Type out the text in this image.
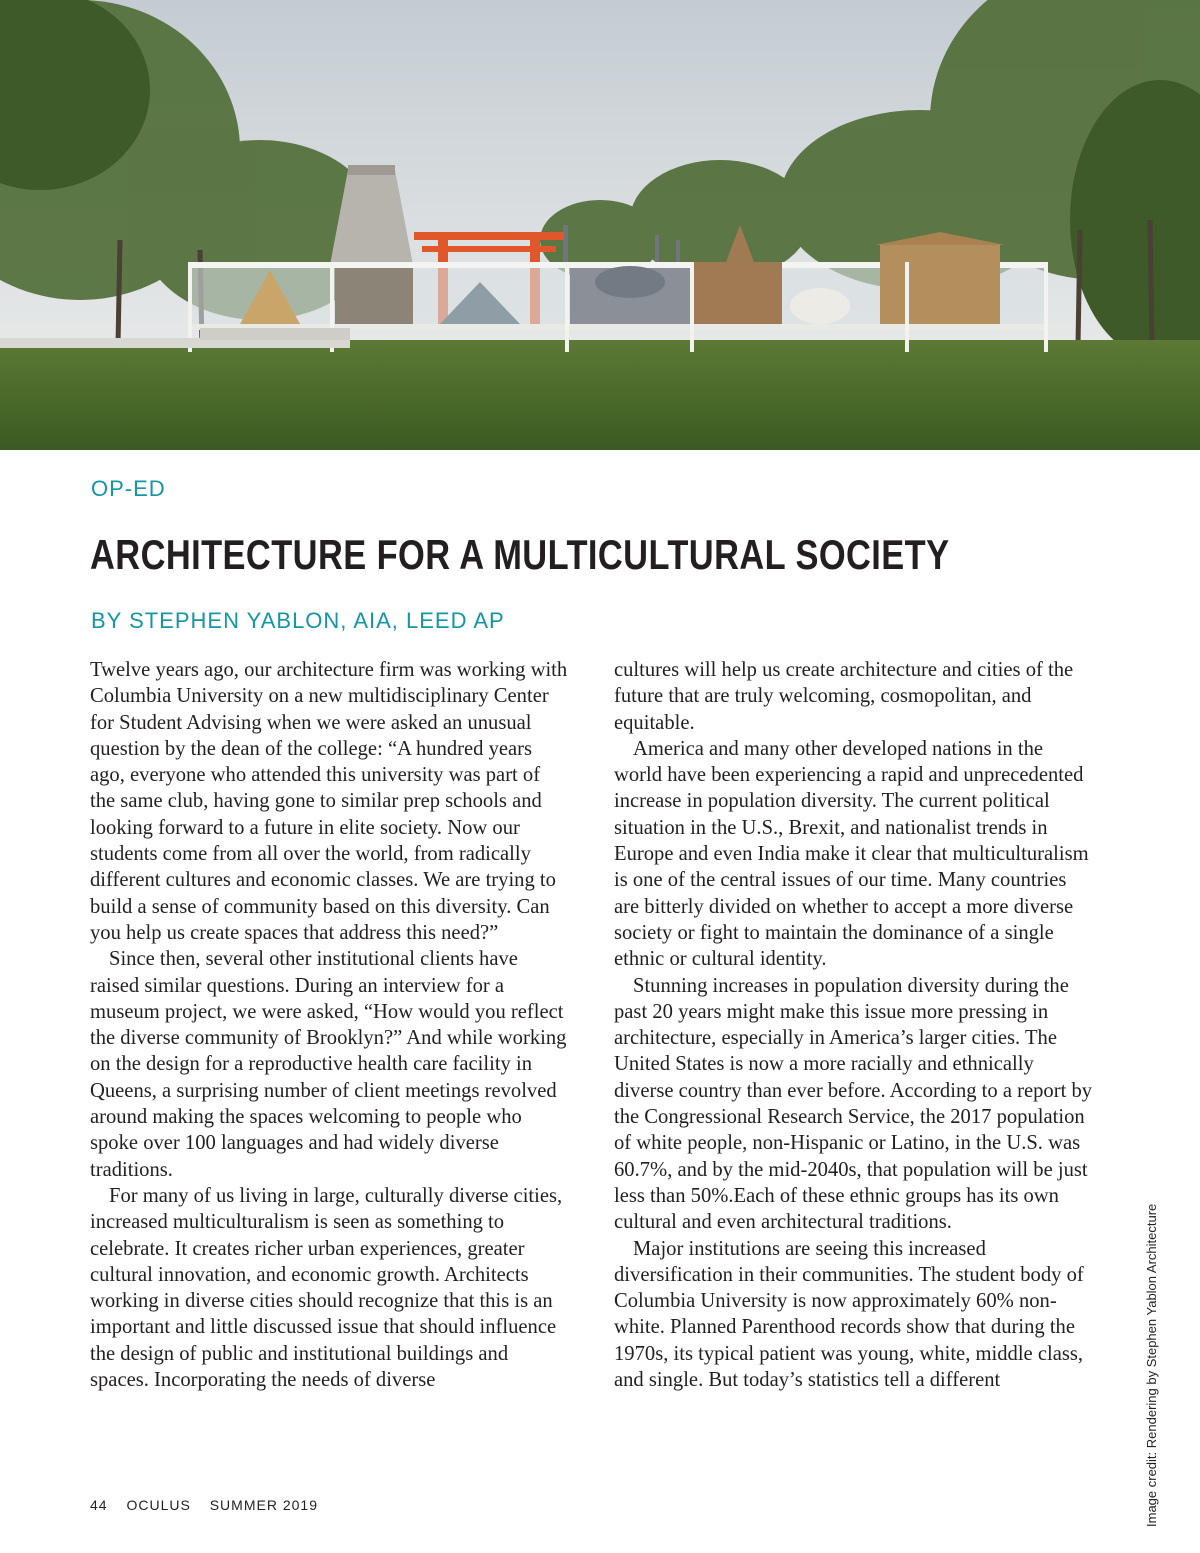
OP-ED
ARCHITECTURE FOR A MULTICULTURAL SOCIETY
BY STEPHEN YABLON, AIA, LEED AP

Twelve years ago, our architecture firm was working with Columbia University on a new multidisciplinary Center for Student Advising when we were asked an unusual question by the dean of the college: “A hundred years ago, everyone who attended this university was part of the same club, having gone to similar prep schools and looking forward to a future in elite society. Now our students come from all over the world, from radically different cultures and economic classes. We are trying to build a sense of community based on this diversity. Can you help us create spaces that address this need?”

Since then, several other institutional clients have raised similar questions. During an interview for a museum project, we were asked, “How would you reflect the diverse community of Brooklyn?” And while working on the design for a reproductive health care facility in Queens, a surprising number of client meetings revolved around making the spaces welcoming to people who spoke over 100 languages and had widely diverse traditions.

For many of us living in large, culturally diverse cities, increased multiculturalism is seen as something to celebrate. It creates richer urban experiences, greater cultural innovation, and economic growth. Architects working in diverse cities should recognize that this is an important and little discussed issue that should influence the design of public and institutional buildings and spaces. Incorporating the needs of diverse

cultures will help us create architecture and cities of the future that are truly welcoming, cosmopolitan, and equitable.

America and many other developed nations in the world have been experiencing a rapid and unprecedented increase in population diversity. The current political situation in the U.S., Brexit, and nationalist trends in Europe and even India make it clear that multiculturalism is one of the central issues of our time. Many countries are bitterly divided on whether to accept a more diverse society or fight to maintain the dominance of a single ethnic or cultural identity.

Stunning increases in population diversity during the past 20 years might make this issue more pressing in architecture, especially in America’s larger cities. The United States is now a more racially and ethnically diverse country than ever before. According to a report by the Congressional Research Service, the 2017 population of white people, non-Hispanic or Latino, in the U.S. was 60.7%, and by the mid-2040s, that population will be just less than 50%.Each of these ethnic groups has its own cultural and even architectural traditions.

Major institutions are seeing this increased diversification in their communities. The student body of Columbia University is now approximately 60% non-white. Planned Parenthood records show that during the 1970s, its typical patient was young, white, middle class, and single. But today’s statistics tell a different	Image credit: Rendering by Stephen Yablon Architecture

44 OCULUS SUMMER 2019
